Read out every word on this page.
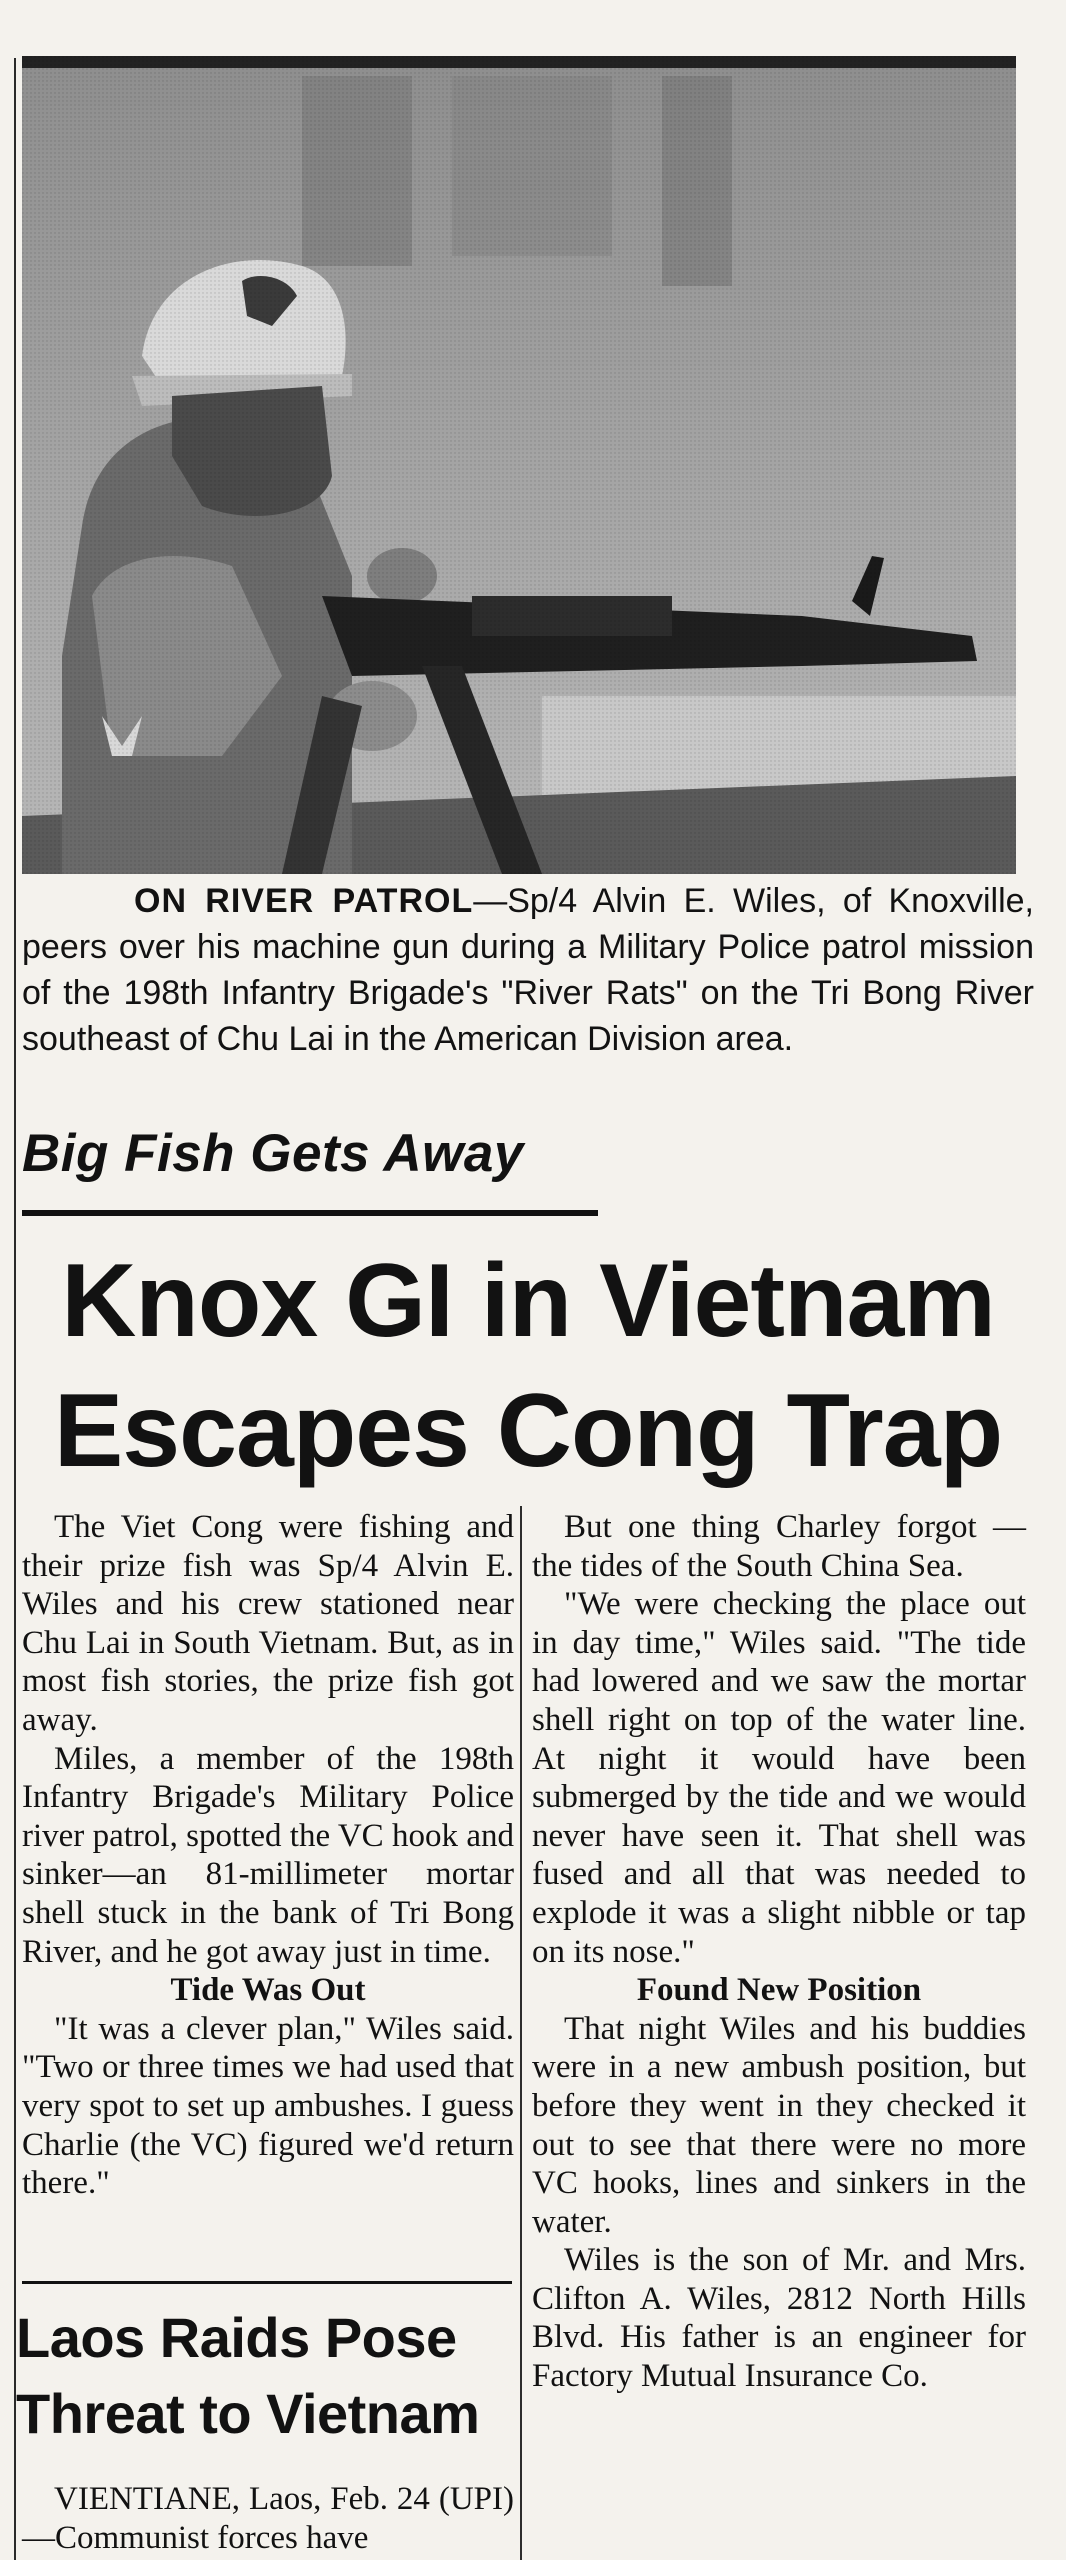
ON RIVER PATROL—Sp/4 Alvin E. Wiles, of Knoxville, peers over his machine gun during a Military Police patrol mission of the 198th Infantry Brigade's "River Rats" on the Tri Bong River southeast of Chu Lai in the American Division area.
Big Fish Gets Away
Knox GI in Vietnam
Escapes Cong Trap

The Viet Cong were fishing and their prize fish was Sp/4 Alvin E. Wiles and his crew stationed near Chu Lai in South Vietnam. But, as in most fish stories, the prize fish got away.

Miles, a member of the 198th Infantry Brigade's Military Police river patrol, spotted the VC hook and sinker—an 81-millimeter mortar shell stuck in the bank of Tri Bong River, and he got away just in time.

Tide Was Out

"It was a clever plan," Wiles said. "Two or three times we had used that very spot to set up ambushes. I guess Charlie (the VC) figured we'd return there."

But one thing Charley forgot —the tides of the South China Sea.

"We were checking the place out in day time," Wiles said. "The tide had lowered and we saw the mortar shell right on top of the water line. At night it would have been submerged by the tide and we would never have seen it. That shell was fused and all that was needed to explode it was a slight nibble or tap on its nose."

Found New Position

That night Wiles and his buddies were in a new ambush position, but before they went in they checked it out to see that there were no more VC hooks, lines and sinkers in the water.

Wiles is the son of Mr. and Mrs. Clifton A. Wiles, 2812 North Hills Blvd. His father is an engineer for Factory Mutual Insurance Co.

Laos Raids Pose
Threat to Vietnam
VIENTIANE, Laos, Feb. 24 (UPI)—Communist forces have
